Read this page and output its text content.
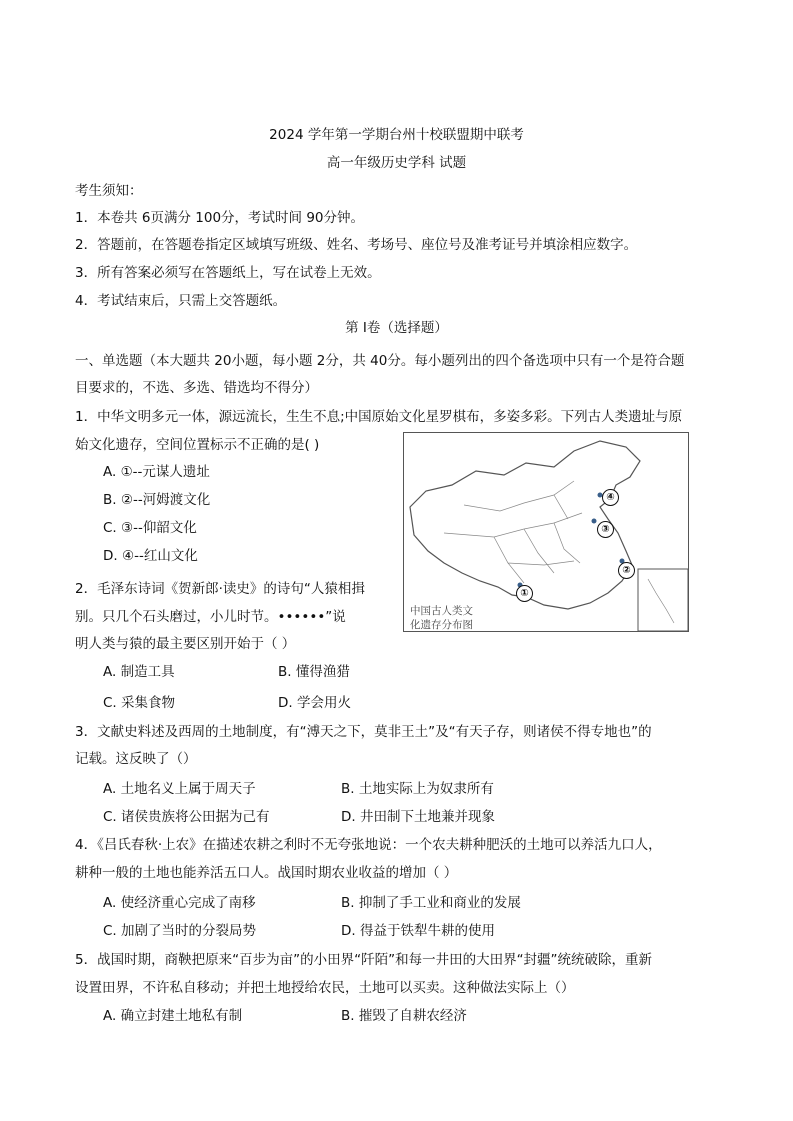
2024 学年第一学期台州十校联盟期中联考
高一年级历史学科 试题
考生须知：
1．本卷共 6页满分 100分，考试时间 90分钟。
2．答题前，在答题卷指定区域填写班级、姓名、考场号、座位号及准考证号并填涂相应数字。
3．所有答案必须写在答题纸上，写在试卷上无效。
4．考试结束后，只需上交答题纸。
第 I卷（选择题）
一、单选题（本大题共 20小题，每小题 2分，共 40分。每小题列出的四个备选项中只有一个是符合题
目要求的，不选、多选、错选均不得分）
1．中华文明多元一体，源远流长，生生不息;中国原始文化星罗棋布，多姿多彩。下列古人类遗址与原
始文化遗存，空间位置标示不正确的是( )
A. ①--元谋人遗址
B. ②--河姆渡文化
C. ③--仰韶文化
D. ④--红山文化
①
②
③
④
中国古人类文
化遗存分布图
2．毛泽东诗词《贺新郎·读史》的诗句“人猿相揖
别。只几个石头磨过，小儿时节。••••••”说
明人类与猿的最主要区别开始于（ ）
A. 制造工具	B. 懂得渔猎
C. 采集食物	D. 学会用火
3．文献史料述及西周的土地制度，有“溥天之下，莫非王土”及“有天子存，则诸侯不得专地也”的
记载。这反映了（）
A. 土地名义上属于周天子	B. 土地实际上为奴隶所有
C. 诸侯贵族将公田据为己有	D. 井田制下土地兼并现象
4．《吕氏春秋·上农》在描述农耕之利时不无夸张地说：一个农夫耕种肥沃的土地可以养活九口人，
耕种一般的土地也能养活五口人。战国时期农业收益的增加（ ）
A. 使经济重心完成了南移	B. 抑制了手工业和商业的发展
C. 加剧了当时的分裂局势	D. 得益于铁犁牛耕的使用
5．战国时期，商鞅把原来“百步为亩”的小田界“阡陌”和每一井田的大田界“封疆”统统破除，重新
设置田界，不许私自移动；并把土地授给农民，土地可以买卖。这种做法实际上（）
A. 确立封建土地私有制	B. 摧毁了自耕农经济
